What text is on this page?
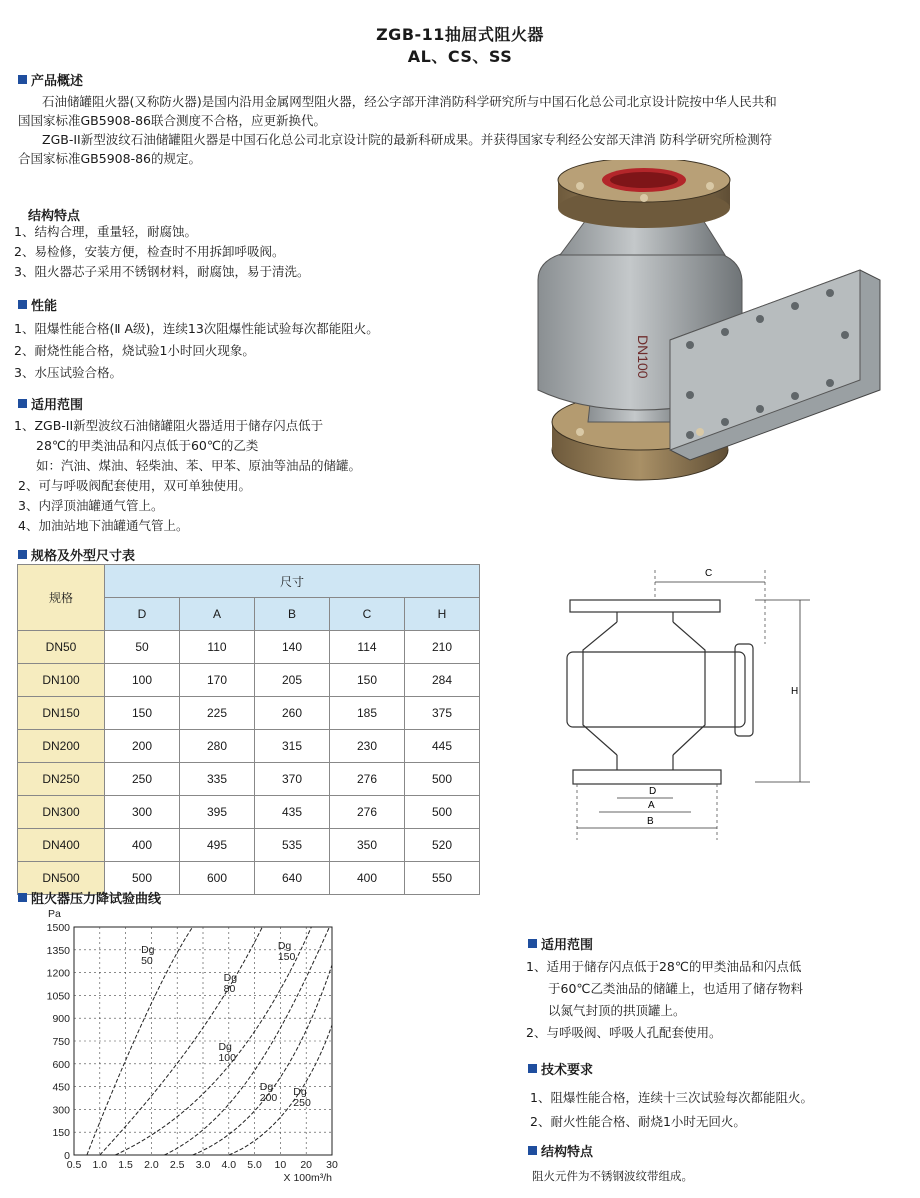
ZGB-11抽屈式阻火器
AL、CS、SS
产品概述
石油储罐阻火器(又称防火器)是国内沿用金属网型阻火器，经公字部开津消防科学研究所与中国石化总公司北京设计院按中华人民共和
国国家标准GB5908-86联合测度不合格，应更新换代。
ZGB-II新型波纹石油储罐阻火器是中国石化总公司北京设计院的最新科研成果。并获得国家专利经公安部天津消 防科学研究所检测符
合国家标准GB5908-86的规定。
结构特点
1、结构合理，重量轻，耐腐蚀。
2、易检修，安装方便，检查时不用拆卸呼吸阀。
3、阻火器芯子采用不锈钢材料，耐腐蚀，易于清洗。
性能
1、阻爆性能合格(Ⅱ A级)，连续13次阻爆性能试验每次都能阻火。
2、耐烧性能合格，烧试验1小时回火现象。
3、水压试验合格。
适用范围
1、ZGB-II新型波纹石油储罐阻火器适用于储存闪点低于
28℃的甲类油品和闪点低于60℃的乙类
如：汽油、煤油、轻柴油、苯、甲苯、原油等油品的储罐。
2、可与呼吸阀配套使用，双可单独使用。
3、内浮顶油罐通气管上。
4、加油站地下油罐通气管上。
规格及外型尺寸表
规格	尺寸				
	D	A	B	C	H
DN50	50	110	140	114	210
DN100	100	170	205	150	284
DN150	150	225	260	185	375
DN200	200	280	315	230	445
DN250	250	335	370	276	500
DN300	300	395	435	276	500
DN400	400	495	535	350	520
DN500	500	600	640	400	550
DN100
C
H
D
A
B
阻火器压力降试验曲线
1500
1350
1200
1050
900
750
600
450
300
150
0
0.5 1.0 1.5 2.0 2.5 3.0 4.0 5.0 10 20 30
Pa
X 100m³/h
Dg
50
Dg
80
Dg
100
Dg
150
Dg
200 Dg
250
适用范围
1、适用于储存闪点低于28℃的甲类油品和闪点低
于60℃乙类油品的储罐上，也适用了储存物料
以氮气封顶的拱顶罐上。
2、与呼吸阀、呼吸人孔配套使用。
技术要求
1、阻爆性能合格，连续十三次试验每次都能阻火。
2、耐火性能合格、耐烧1小时无回火。
结构特点
阻火元件为不锈钢波纹带组成。
